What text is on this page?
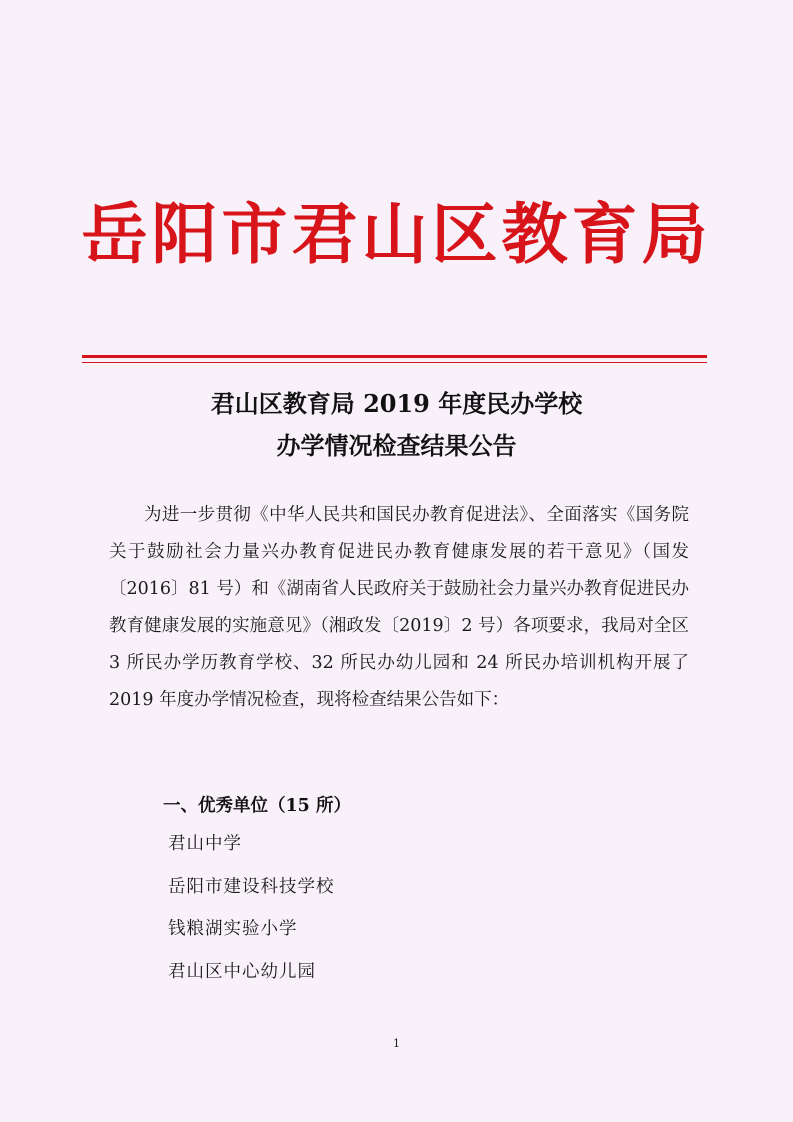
岳阳市君山区教育局
君山区教育局 2019 年度民办学校
办学情况检查结果公告

为进一步贯彻《中华人民共和国民办教育促进法》、全面落实《国务院关于鼓励社会力量兴办教育促进民办教育健康发展的若干意见》（国发〔2016〕81 号）和《湖南省人民政府关于鼓励社会力量兴办教育促进民办教育健康发展的实施意见》（湘政发〔2019〕2 号）各项要求，我局对全区 3 所民办学历教育学校、32 所民办幼儿园和 24 所民办培训机构开展了 2019 年度办学情况检查，现将检查结果公告如下：

一、优秀单位（15 所）
君山中学
岳阳市建设科技学校
钱粮湖实验小学
君山区中心幼儿园
1
